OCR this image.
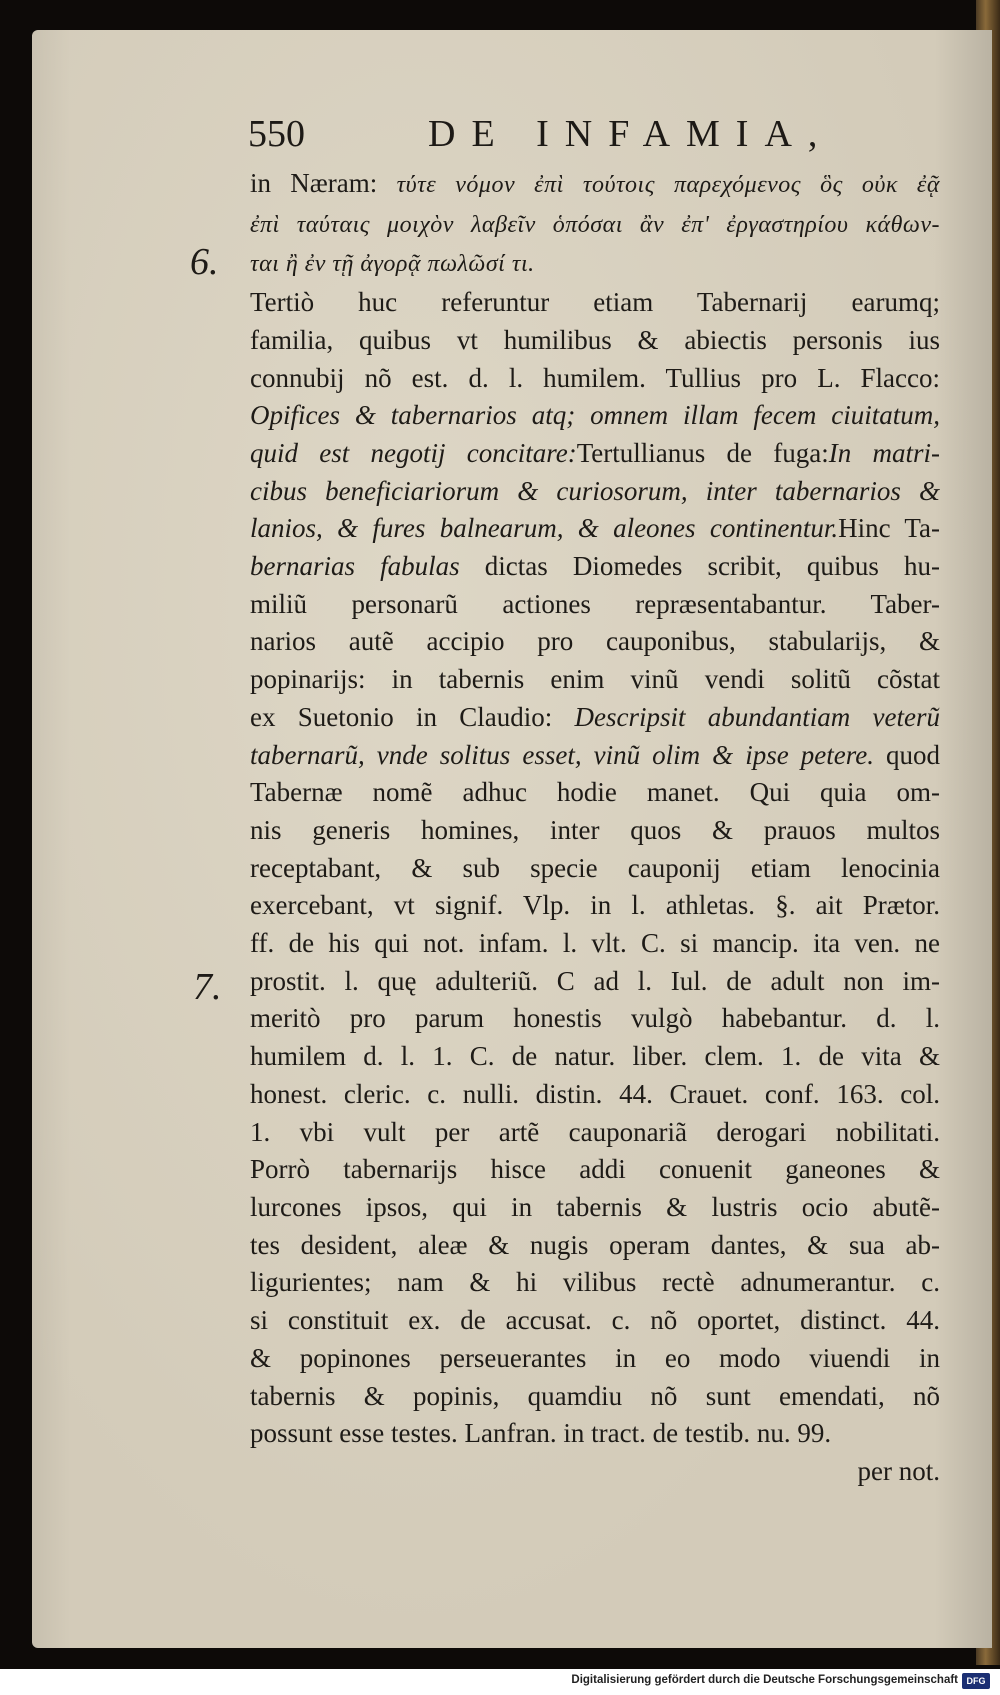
550	DE INFAMIA,
6.
7.
in Næram: τύτε νόμον ἐπὶ τούτοις παρεχόμενος ὃς οὐκ ἐᾷ
ἐπὶ ταύταις μοιχὸν λαβεῖν ὁπόσαι ἂν ἐπ' ἐργαστηρίου κάθων-
ται ἢ ἐν τῇ ἀγορᾷ πωλῶσί τι.
Tertiò huc referuntur etiam Tabernarij earumq;
familia, quibus vt humilibus & abiectis personis ius
connubij nõ est. d. l. humilem. Tullius pro L. Flacco:
Opifices & tabernarios atq; omnem illam fecem ciuitatum,
quid est negotij concitare:Tertullianus de fuga:In matri-
cibus beneficiariorum & curiosorum, inter tabernarios &
lanios, & fures balnearum, & aleones continentur.Hinc Ta-
bernarias fabulas dictas Diomedes scribit, quibus hu-
miliũ personarũ actiones repræsentabantur. Taber-
narios autẽ accipio pro cauponibus, stabularijs, &
popinarijs: in tabernis enim vinũ vendi solitũ cõstat
ex Suetonio in Claudio: Descripsit abundantiam veterũ
tabernarũ, vnde solitus esset, vinũ olim & ipse petere. quod
Tabernæ nomẽ adhuc hodie manet. Qui quia om-
nis generis homines, inter quos & prauos multos
receptabant, & sub specie cauponij etiam lenocinia
exercebant, vt signif. Vlp. in l. athletas. §. ait Prætor.
ff. de his qui not. infam. l. vlt. C. si mancip. ita ven. ne
prostit. l. quę adulteriũ. C ad l. Iul. de adult non im-
meritò pro parum honestis vulgò habebantur. d. l.
humilem d. l. 1. C. de natur. liber. clem. 1. de vita &
honest. cleric. c. nulli. distin. 44. Crauet. conf. 163. col.
1. vbi vult per artẽ cauponariã derogari nobilitati.
Porrò tabernarijs hisce addi conuenit ganeones &
lurcones ipsos, qui in tabernis & lustris ocio abutẽ-
tes desident, aleæ & nugis operam dantes, & sua ab-
ligurientes; nam & hi vilibus rectè adnumerantur. c.
si constituit ex. de accusat. c. nõ oportet, distinct. 44.
& popinones perseuerantes in eo modo viuendi in
tabernis & popinis, quamdiu nõ sunt emendati, nõ
possunt esse testes. Lanfran. in tract. de testib. nu. 99.
per not.
Digitalisierung gefördert durch die Deutsche Forschungsgemeinschaft DFG
